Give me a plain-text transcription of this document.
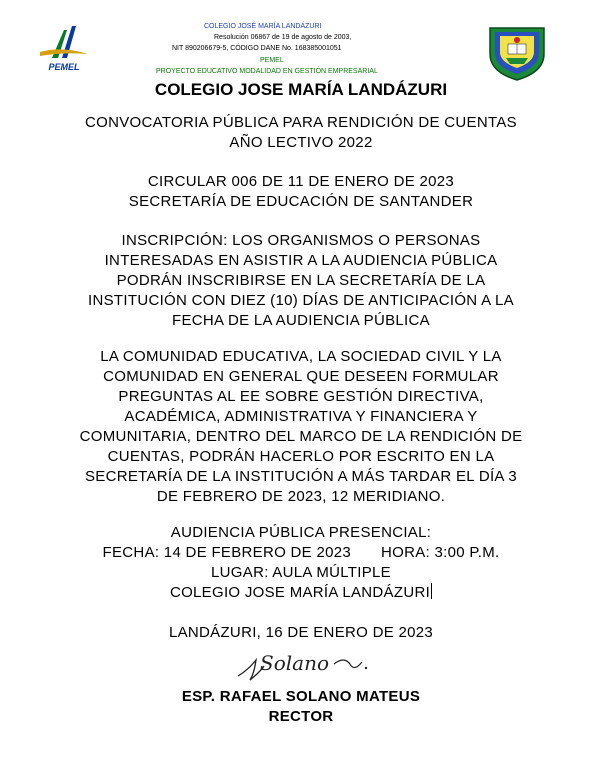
PEMEL
COLEGIO JOSÉ MARÍA LANDÁZURI
Resolución 06867 de 19 de agosto de 2003,
NIT 890206679-5, CÓDIGO DANE No. 168385001051
PEMEL
PROYECTO EDUCATIVO MODALIDAD EN GESTIÓN EMPRESARIAL
COLEGIO JOSE MARÍA LANDÁZURI
CONVOCATORIA PÚBLICA PARA RENDICIÓN DE CUENTAS
AÑO LECTIVO 2022
CIRCULAR 006 DE 11 DE ENERO DE 2023
SECRETARÍA DE EDUCACIÓN DE SANTANDER
INSCRIPCIÓN: LOS ORGANISMOS O PERSONAS
INTERESADAS EN ASISTIR A LA AUDIENCIA PÚBLICA
PODRÁN INSCRIBIRSE EN LA SECRETARÍA DE LA
INSTITUCIÓN CON DIEZ (10) DÍAS DE ANTICIPACIÓN A LA
FECHA DE LA AUDIENCIA PÚBLICA
LA COMUNIDAD EDUCATIVA, LA SOCIEDAD CIVIL Y LA
COMUNIDAD EN GENERAL QUE DESEEN FORMULAR
PREGUNTAS AL EE SOBRE GESTIÓN DIRECTIVA,
ACADÉMICA, ADMINISTRATIVA Y FINANCIERA Y
COMUNITARIA, DENTRO DEL MARCO DE LA RENDICIÓN DE
CUENTAS, PODRÁN HACERLO POR ESCRITO EN LA
SECRETARÍA DE LA INSTITUCIÓN A MÁS TARDAR EL DÍA 3
DE FEBRERO DE 2023, 12 MERIDIANO.
AUDIENCIA PÚBLICA PRESENCIAL:
FECHA: 14 DE FEBRERO DE 2023 HORA: 3:00 P.M.
LUGAR: AULA MÚLTIPLE
COLEGIO JOSE MARÍA LANDÁZURI
LANDÁZURI, 16 DE ENERO DE 2023
Solano
ESP. RAFAEL SOLANO MATEUS
RECTOR
